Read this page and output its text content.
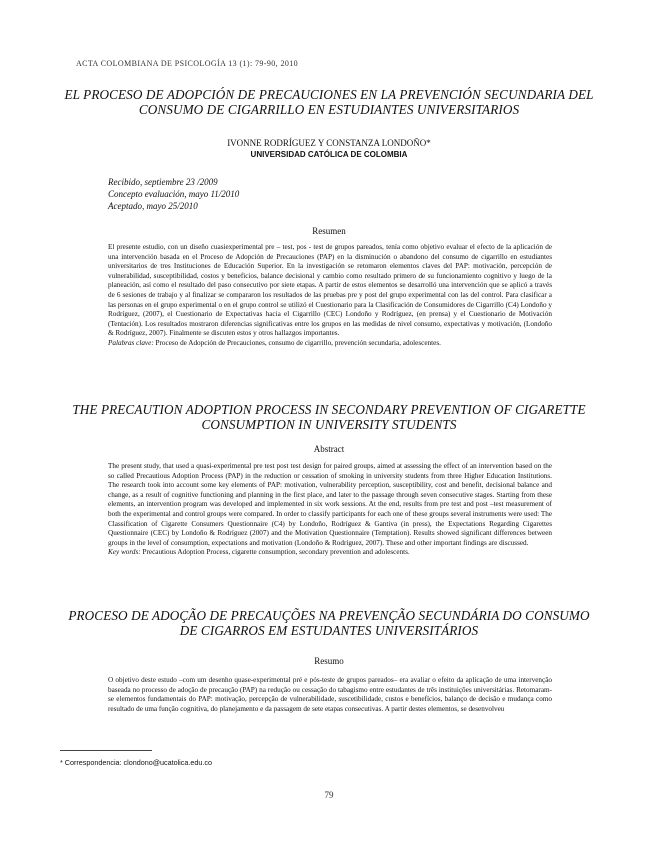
ACTA COLOMBIANA DE PSICOLOGÍA 13 (1): 79-90, 2010
EL PROCESO DE ADOPCIÓN DE PRECAUCIONES EN LA PREVENCIÓN SECUNDARIA DEL CONSUMO DE CIGARRILLO EN ESTUDIANTES UNIVERSITARIOS
IVONNE RODRÍGUEZ Y CONSTANZA LONDOÑO*
UNIVERSIDAD CATÓLICA DE COLOMBIA
Recibido, septiembre 23 /2009
Concepto evaluación, mayo 11/2010
Aceptado, mayo 25/2010
Resumen
El presente estudio, con un diseño cuasiexperimental pre – test, pos - test de grupos pareados, tenía como objetivo evaluar el efecto de la aplicación de una intervención basada en el Proceso de Adopción de Precauciones (PAP) en la disminución o abandono del consumo de cigarrillo en estudiantes universitarios de tres Instituciones de Educación Superior. En la investigación se retomaron elementos claves del PAP: motivación, percepción de vulnerabilidad, susceptibilidad, costos y beneficios, balance decisional y cambio como resultado primero de su funcionamiento cognitivo y luego de la planeación, así como el resultado del paso consecutivo por siete etapas. A partir de estos elementos se desarrolló una intervención que se aplicó a través de 6 sesiones de trabajo y al finalizar se compararon los resultados de las pruebas pre y post del grupo experimental con las del control. Para clasificar a las personas en el grupo experimental o en el grupo control se utilizó el Cuestionario para la Clasificación de Consumidores de Cigarrillo (C4) Londoño y Rodríguez, (2007), el Cuestionario de Expectativas hacia el Cigarrillo (CEC) Londoño y Rodríguez, (en prensa) y el Cuestionario de Motivación (Tentación). Los resultados mostraron diferencias significativas entre los grupos en las medidas de nivel consumo, expectativas y motivación, (Londoño & Rodríguez, 2007). Finalmente se discuten estos y otros hallazgos importantes.
Palabras clave: Proceso de Adopción de Precauciones, consumo de cigarrillo, prevención secundaria, adolescentes.
THE PRECAUTION ADOPTION PROCESS IN SECONDARY PREVENTION OF CIGARETTE CONSUMPTION IN UNIVERSITY STUDENTS
Abstract
The present study, that used a quasi-experimental pre test post test design for paired groups, aimed at assessing the effect of an intervention based on the so called Precautious Adoption Process (PAP) in the reduction or cessation of smoking in university students from three Higher Education Institutions. The research took into account some key elements of PAP: motivation, vulnerability perception, susceptibility, cost and benefit, decisional balance and change, as a result of cognitive functioning and planning in the first place, and later to the passage through seven consecutive stages. Starting from these elements, an intervention program was developed and implemented in six work sessions. At the end, results from pre test and post –test measurement of both the experimental and control groups were compared. In order to classify participants for each one of these groups several instruments were used: The Classification of Cigarette Consumers Questionnaire (C4) by Londoño, Rodríguez & Gantiva (in press), the Expectations Regarding Cigarettes Questionnaire (CEC) by Londoño & Rodríguez (2007) and the Motivation Questionnaire (Temptation). Results showed significant differences between groups in the level of consumption, expectations and motivation (Londoño & Rodríguez, 2007). These and other important findings are discussed.
Key words: Precautious Adoption Process, cigarette consumption, secondary prevention and adolescents.
PROCESO DE ADOÇÃO DE PRECAUÇÕES NA PREVENÇÃO SECUNDÁRIA DO CONSUMO DE CIGARROS EM ESTUDANTES UNIVERSITÁRIOS
Resumo
O objetivo deste estudo –com um desenho quase-experimental pré e pós-teste de grupos pareados– era avaliar o efeito da aplicação de uma intervenção baseada no processo de adoção de precaução (PAP) na redução ou cessação do tabagismo entre estudantes de três instituições universitárias. Retomaram-se elementos fundamentais do PAP: motivação, percepção de vulnerabilidade, suscetibilidade, custos e benefícios, balanço de decisão e mudança como resultado de uma função cognitiva, do planejamento e da passagem de sete etapas consecutivas. A partir destes elementos, se desenvolveu
* Correspondencia: clondono@ucatolica.edu.co
79
